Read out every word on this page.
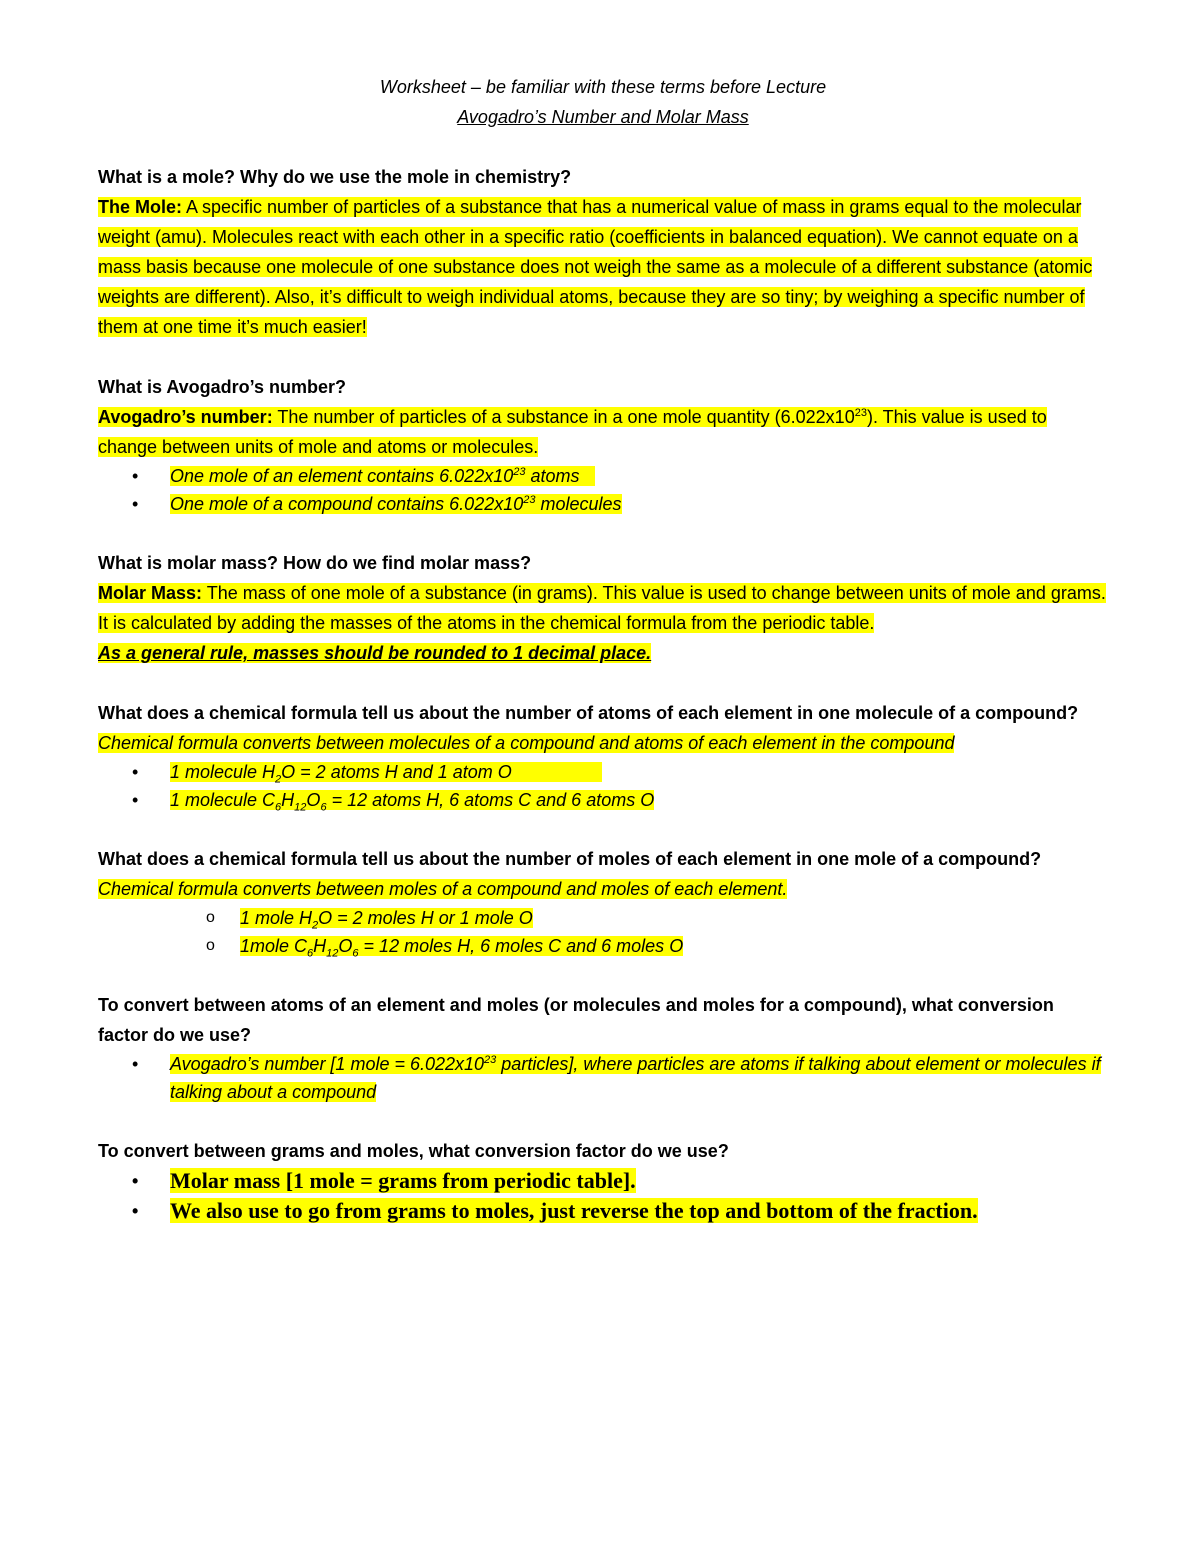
Worksheet – be familiar with these terms before Lecture
Avogadro’s Number and Molar Mass
What is a mole? Why do we use the mole in chemistry?
The Mole: A specific number of particles of a substance that has a numerical value of mass in grams equal to the molecular weight (amu). Molecules react with each other in a specific ratio (coefficients in balanced equation). We cannot equate on a mass basis because one molecule of one substance does not weigh the same as a molecule of a different substance (atomic weights are different). Also, it’s difficult to weigh individual atoms, because they are so tiny; by weighing a specific number of them at one time it’s much easier!
What is Avogadro’s number?
Avogadro’s number: The number of particles of a substance in a one mole quantity $(6.022x10^{23})$. This value is used to change between units of mole and atoms or molecules.
•	One mole of an element contains $6.022x10^{23}$ atoms
•	One mole of a compound contains $6.022x10^{23}$ molecules
What is molar mass? How do we find molar mass?
Molar Mass: The mass of one mole of a substance (in grams). This value is used to change between units of mole and grams. It is calculated by adding the masses of the atoms in the chemical formula from the periodic table.
As a general rule, masses should be rounded to 1 decimal place.
What does a chemical formula tell us about the number of atoms of each element in one molecule of a compound?
Chemical formula converts between molecules of a compound and atoms of each element in the compound
•	1 molecule $H_2O = 2$ atoms H and 1 atom O
•	1 molecule $C_6H_{12}O_6 = 12$ atoms H, 6 atoms C and 6 atoms O
What does a chemical formula tell us about the number of moles of each element in one mole of a compound?
Chemical formula converts between moles of a compound and moles of each element.
o 1 mole $H_2O = 2$ moles H or 1 mole O
o 1mole $C_6H_{12}O_6 = 12$ moles H, 6 moles C and 6 moles O
To convert between atoms of an element and moles (or molecules and moles for a compound), what conversion factor do we use?
•	Avogadro’s number [1 mole = $6.022x10^{23}$ particles], where particles are atoms if talking about element or molecules if talking about a compound
To convert between grams and moles, what conversion factor do we use?
• Molar mass [1 mole = grams from periodic table].
• We also use to go from grams to moles, just reverse the top and bottom of the fraction.
